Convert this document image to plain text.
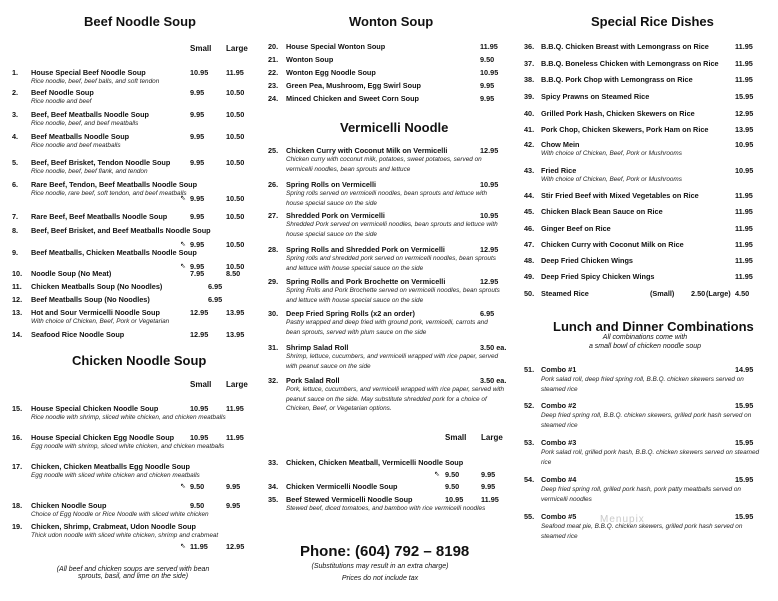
Beef Noodle Soup
Small Large
1. House Special Beef Noodle Soup
Rice noodle, beef, beef balls, and soft tendon
10.95 11.95
2. Beef Noodle Soup
Rice noodle and beef
9.95	10.50
3. Beef, Beef Meatballs Noodle Soup
Rice noodle, beef, and beef meatballs
9.95	10.50
4. Beef Meatballs Noodle Soup
Rice noodle and beef meatballs
9.95	10.50
5. Beef, Beef Brisket, Tendon Noodle Soup
Rice noodle, beef, beef flank, and tendon
9.95	10.50
6. Rare Beef, Tendon, Beef Meatballs Noodle Soup
Rice noodle, rare beef, soft tendon, and beef meatballs
⇖ 9.95	10.50
7. Rare Beef, Beef Meatballs Noodle Soup	9.95	10.50
8. Beef, Beef Brisket, and Beef Meatballs Noodle Soup
⇖ 9.95	10.50
9. Beef Meatballs, Chicken Meatballs Noodle Soup
⇖ 9.95	10.50
10. Noodle Soup (No Meat)	7.95	8.50
11. Chicken Meatballs Soup (No Noodles)	6.95
12. Beef Meatballs Soup (No Noodles)	6.95
13. Hot and Sour Vermicelli Noodle Soup
With choice of Chicken, Beef, Pork or Vegetarian
12.95 13.95
14. Seafood Rice Noodle Soup	12.95 13.95
Chicken Noodle Soup
Small Large
15. House Special Chicken Noodle Soup
Rice noodle with shrimp, sliced white chicken, and chicken meatballs
10.95 11.95
16. House Special Chicken Egg Noodle Soup
Egg noodle with shrimp, sliced white chicken, and chicken meatballs
10.95 11.95
17. Chicken, Chicken Meatballs Egg Noodle Soup
Egg noodle with sliced white chicken and chicken meatballs
⇖ 9.50	9.95
18. Chicken Noodle Soup
Choice of Egg Noodle or Rice Noodle with sliced white chicken
9.50	9.95
19. Chicken, Shrimp, Crabmeat, Udon Noodle Soup
Thick udon noodle with sliced white chicken, shrimp and crabmeat
⇖ 11.95 12.95
(All beef and chicken soups are served with bean sprouts, basil, and lime on the side)
Wonton Soup
20. House Special Wonton Soup	11.95
21. Wonton Soup	9.50
22. Wonton Egg Noodle Soup	10.95
23. Green Pea, Mushroom, Egg Swirl Soup	9.95
24. Minced Chicken and Sweet Corn Soup	9.95
Vermicelli Noodle
25. Chicken Curry with Coconut Milk on Vermicelli	12.95
Chicken curry with coconut milk, potatoes, sweet potatoes, served on vermicelli noodles, bean sprouts and lettuce
26. Spring Rolls on Vermicelli	10.95
Spring rolls served on vermicelli noodles, bean sprouts and lettuce with house special sauce on the side
27. Shredded Pork on Vermicelli	10.95
Shredded Pork served on vermicelli noodles, bean sprouts and lettuce with house special sauce on the side
28. Spring Rolls and Shredded Pork on Vermicelli	12.95
Spring rolls and shredded pork served on vermicelli noodles, bean sprouts and lettuce with house special sauce on the side
29. Spring Rolls and Pork Brochette on Vermicelli	12.95
Spring Rolls and Pork Brochette served on vermicelli noodles, bean sprouts and lettuce with house special sauce on the side
30. Deep Fried Spring Rolls (x2 an order)	6.95
Pastry wrapped and deep fried with ground pork, vermicelli, carrots and bean sprouts, served with plum sauce on the side
31. Shrimp Salad Roll	3.50 ea.
Shrimp, lettuce, cucumbers, and vermicelli wrapped with rice paper, served with peanut sauce on the side
32. Pork Salad Roll	3.50 ea.
Pork, lettuce, cucumbers, and vermicelli wrapped with rice paper, served with peanut sauce on the side. May substitute shredded pork for a choice of Chicken, Beef, or Vegetarian options.
Small Large
33. Chicken, Chicken Meatball, Vermicelli Noodle Soup
⇖ 9.50	9.95
34. Chicken Vermicelli Noodle Soup	9.50	9.95
35. Beef Stewed Vermicelli Noodle Soup	10.95 11.95
Stewed beef, diced tomatoes, and bamboo with rice vermicelli noodles
Phone: (604) 792 – 8198
(Substitutions may result in an extra charge)
Prices do not include tax
Special Rice Dishes
36. B.B.Q. Chicken Breast with Lemongrass on Rice	11.95
37. B.B.Q. Boneless Chicken with Lemongrass on Rice 11.95
38. B.B.Q. Pork Chop with Lemongrass on Rice	11.95
39. Spicy Prawns on Steamed Rice	15.95
40. Grilled Pork Hash, Chicken Skewers on Rice	12.95
41. Pork Chop, Chicken Skewers, Pork Ham on Rice	13.95
42. Chow Mein	10.95
With choice of Chicken, Beef, Pork or Mushrooms
43. Fried Rice	10.95
With choice of Chicken, Beef, Pork or Mushrooms
44. Stir Fried Beef with Mixed Vegetables on Rice	11.95
45. Chicken Black Bean Sauce on Rice	11.95
46. Ginger Beef on Rice	11.95
47. Chicken Curry with Coconut Milk on Rice	11.95
48. Deep Fried Chicken Wings	11.95
49. Deep Fried Spicy Chicken Wings	11.95
50. Steamed Rice	(Small) 2.50 (Large) 4.50
Lunch and Dinner Combinations
All combinations come with
a small bowl of chicken noodle soup
51. Combo #1	14.95
Pork salad roll, deep fried spring roll, B.B.Q. chicken skewers served on steamed rice
52. Combo #2	15.95
Deep fried spring roll, B.B.Q. chicken skewers, grilled pork hash served on steamed rice
53. Combo #3	15.95
Pork salad roll, grilled pork hash, B.B.Q. chicken skewers served on steamed rice
54. Combo #4	15.95
Deep fried spring roll, grilled pork hash, pork patty meatballs served on vermicelli noodles
55. Combo #5	15.95
Seafood meat pie, B.B.Q. chicken skewers, grilled pork hash served on steamed rice
Menupix
